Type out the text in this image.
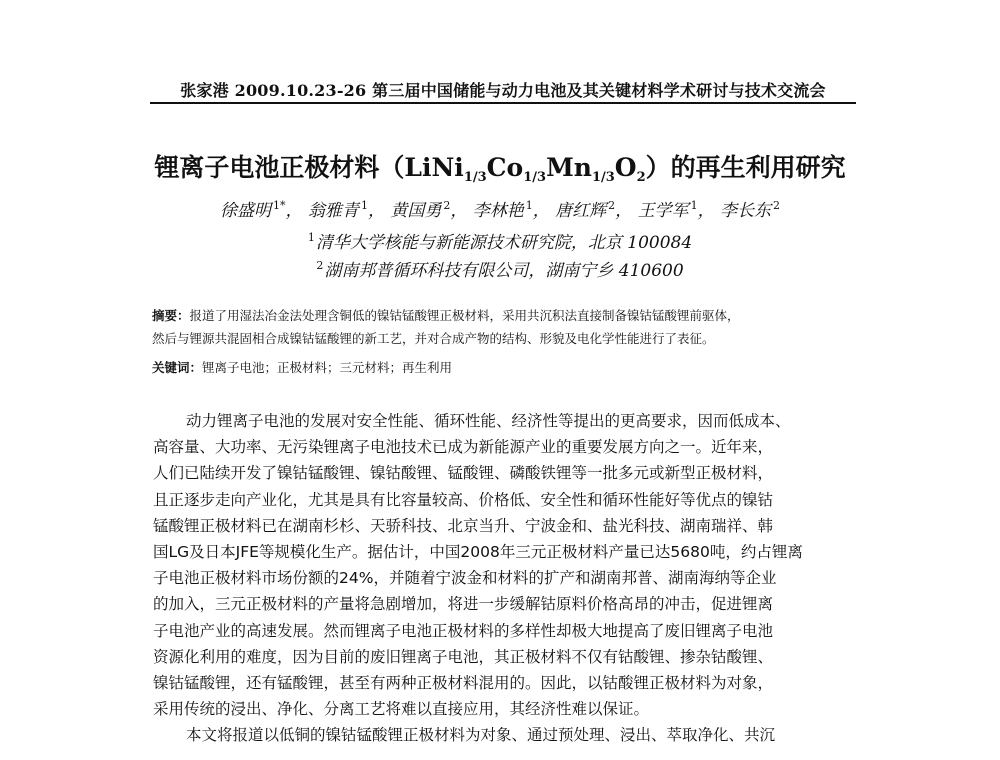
张家港 2009.10.23-26 第三届中国储能与动力电池及其关键材料学术研讨与技术交流会
锂离子电池正极材料$(LiNi_{1/3}Co_{1/3}Mn_{1/3}O_2)$的再生利用研究
徐盛明 $^{1*}$， 翁雅青 $^1$， 黄国勇 $^2$， 李林艳 $^1$， 唐红辉 $^2$， 王学军 $^1$， 李长东 $^2$
$^1$清华大学核能与新能源技术研究院，北京 100084
$^2$湖南邦普循环科技有限公司，湖南宁乡 410600
摘要：报道了用湿法冶金法处理含铜低的镍钴锰酸锂正极材料，采用共沉积法直接制备镍钴锰酸锂前驱体，
然后与锂源共混固相合成镍钴锰酸锂的新工艺，并对合成产物的结构、形貌及电化学性能进行了表征。
关键词：锂离子电池；正极材料；三元材料；再生利用
动力锂离子电池的发展对安全性能、循环性能、经济性等提出的更高要求，因而低成本、
高容量、大功率、无污染锂离子电池技术已成为新能源产业的重要发展方向之一。近年来，
人们已陆续开发了镍钴锰酸锂、镍钴酸锂、锰酸锂、磷酸铁锂等一批多元或新型正极材料，
且正逐步走向产业化，尤其是具有比容量较高、价格低、安全性和循环性能好等优点的镍钴
锰酸锂正极材料已在湖南杉杉、天骄科技、北京当升、宁波金和、盐光科技、湖南瑞祥、韩
国LG及日本JFE等规模化生产。据估计，中国2008年三元正极材料产量已达5680吨，约占锂离
子电池正极材料市场份额的24%，并随着宁波金和材料的扩产和湖南邦普、湖南海纳等企业
的加入，三元正极材料的产量将急剧增加，将进一步缓解钴原料价格高昂的冲击，促进锂离
子电池产业的高速发展。然而锂离子电池正极材料的多样性却极大地提高了废旧锂离子电池
资源化利用的难度，因为目前的废旧锂离子电池，其正极材料不仅有钴酸锂、掺杂钴酸锂、
镍钴锰酸锂，还有锰酸锂，甚至有两种正极材料混用的。因此，以钴酸锂正极材料为对象，
采用传统的浸出、净化、分离工艺将难以直接应用，其经济性难以保证。
本文将报道以低铜的镍钴锰酸锂正极材料为对象、通过预处理、浸出、萃取净化、共沉
